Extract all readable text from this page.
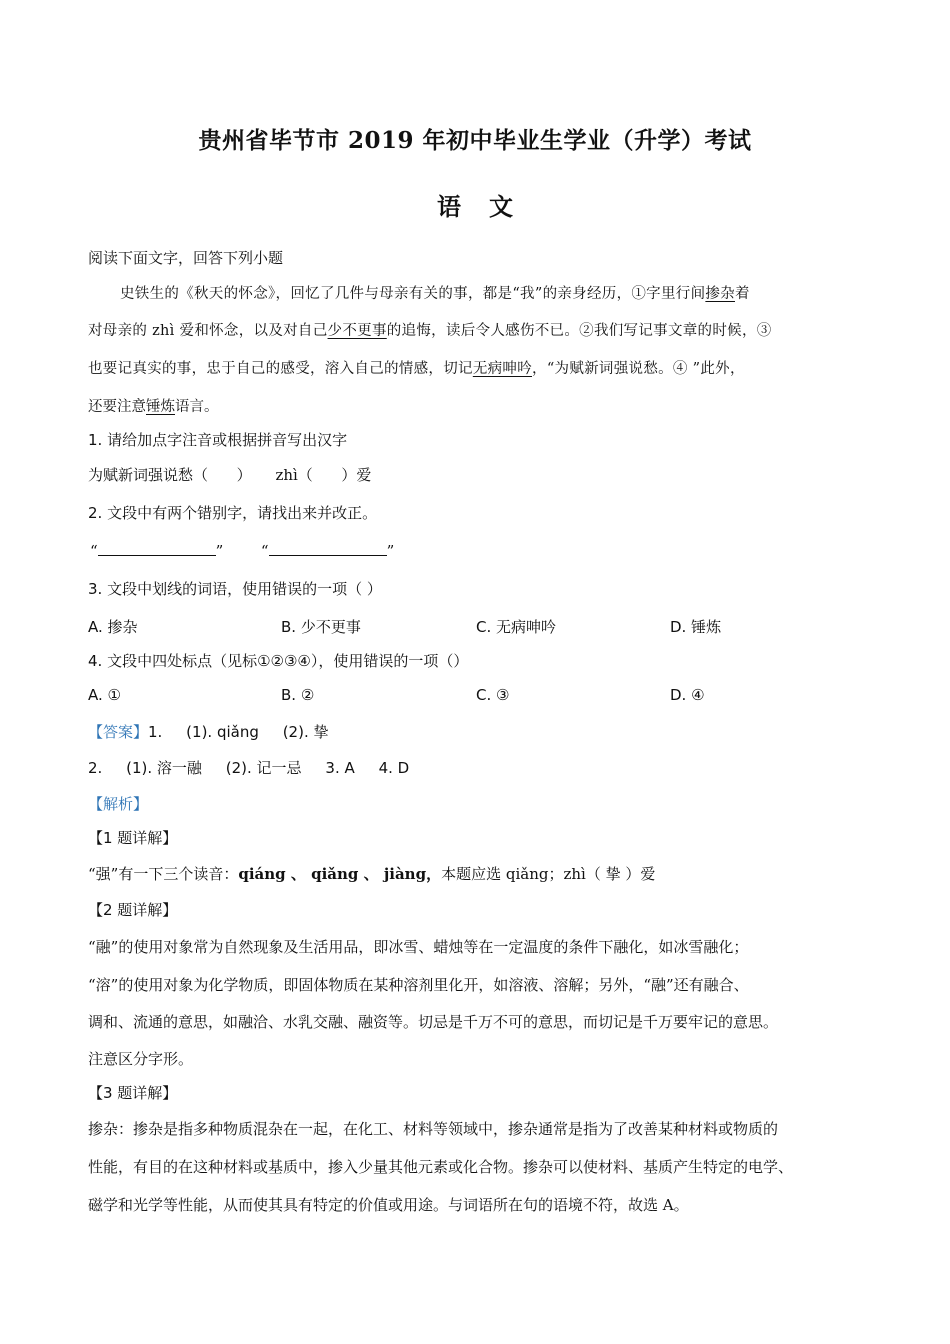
贵州省毕节市 2019 年初中毕业生学业（升学）考试
语文
阅读下面文字，回答下列小题
史铁生的《秋天的怀念》，回忆了几件与母亲有关的事，都是“我”的亲身经历，①字里行间掺杂着
对母亲的 zhì 爱和怀念，以及对自己少不更事的追悔，读后令人感伤不已。②我们写记事文章的时候，③
也要记真实的事，忠于自己的感受，溶入自己的情感，切记无病呻吟，“为赋新词强说愁。④ ”此外，
还要注意锤炼语言。
1. 请给加点字注音或根据拼音写出汉字
为赋新词强说愁（      ）     zhì（      ）爱
2. 文段中有两个错别字，请找出来并改正。
“	”	“	”
3. 文段中划线的词语，使用错误的一项（ ）
A. 掺杂	B. 少不更事	C. 无病呻吟	D. 锤炼
4. 文段中四处标点（见标①②③④），使用错误的一项（）
A. ①	B. ②	C. ③	D. ④
【答案】1.     (1). qiǎng     (2). 挚
2.     (1). 溶一融     (2). 记一忌     3. A     4. D
【解析】
【1 题详解】
“强”有一下三个读音：qiáng 、 qiǎng 、 jiàng，本题应选 qiǎng；zhì（ 挚 ）爱
【2 题详解】
“融”的使用对象常为自然现象及生活用品，即冰雪、蜡烛等在一定温度的条件下融化，如冰雪融化；
“溶”的使用对象为化学物质，即固体物质在某种溶剂里化开，如溶液、溶解；另外，“融”还有融合、
调和、流通的意思，如融洽、水乳交融、融资等。切忌是千万不可的意思，而切记是千万要牢记的意思。
注意区分字形。
【3 题详解】
掺杂：掺杂是指多种物质混杂在一起，在化工、材料等领域中，掺杂通常是指为了改善某种材料或物质的
性能，有目的在这种材料或基质中，掺入少量其他元素或化合物。掺杂可以使材料、基质产生特定的电学、
磁学和光学等性能，从而使其具有特定的价值或用途。与词语所在句的语境不符，故选 A。
